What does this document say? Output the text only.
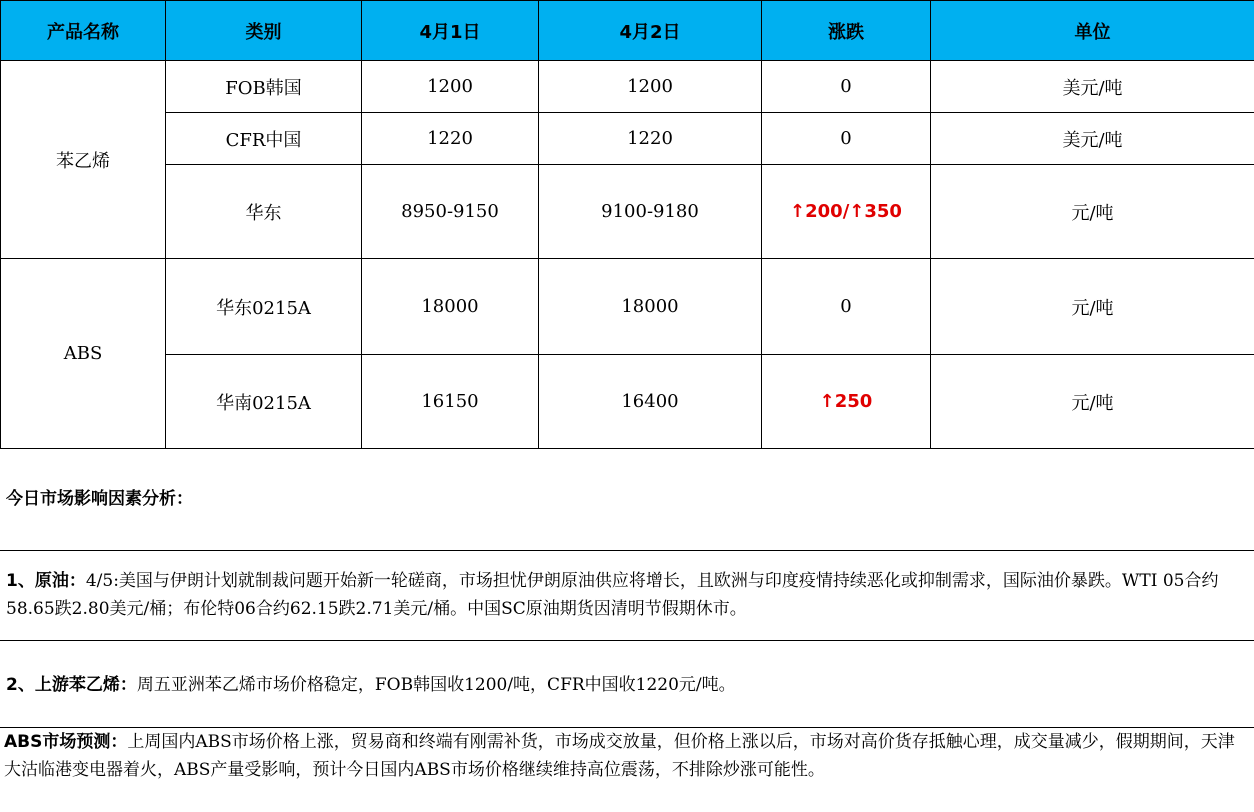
产品名称	类别	4月1日	4月2日	涨跌	单位
苯乙烯	FOB韩国	1200	1200	0	美元/吨
	CFR中国	1220	1220	0	美元/吨
	华东	8950-9150	9100-9180	↑200/↑350	元/吨
ABS	华东0215A	18000	18000	0	元/吨
	华南0215A	16150	16400	↑250	元/吨
今日市场影响因素分析：
1、原油：4/5:美国与伊朗计划就制裁问题开始新一轮磋商，市场担忧伊朗原油供应将增长，且欧洲与印度疫情持续恶化或抑制需求，国际油价暴跌。WTI 05合约58.65跌2.80美元/桶；布伦特06合约62.15跌2.71美元/桶。中国SC原油期货因清明节假期休市。
2、上游苯乙烯：周五亚洲苯乙烯市场价格稳定，FOB韩国收1200/吨，CFR中国收1220元/吨。
ABS市场预测：上周国内ABS市场价格上涨，贸易商和终端有刚需补货，市场成交放量，但价格上涨以后，市场对高价货存抵触心理，成交量减少，假期期间，天津大沽临港变电器着火，ABS产量受影响，预计今日国内ABS市场价格继续维持高位震荡，不排除炒涨可能性。
